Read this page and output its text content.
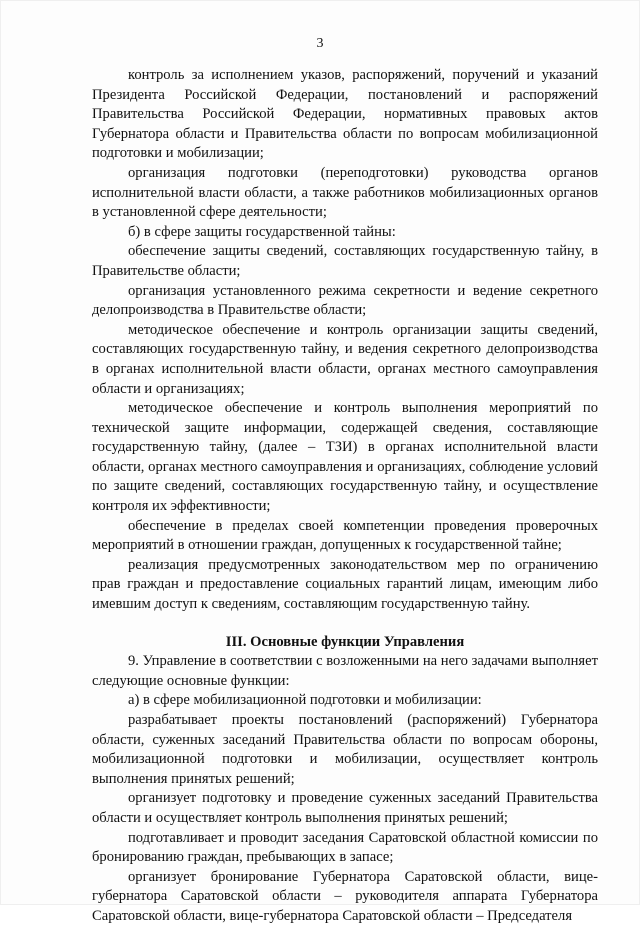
3

контроль за исполнением указов, распоряжений, поручений и указаний Президента Российской Федерации, постановлений и распоряжений Правительства Российской Федерации, нормативных правовых актов Губернатора области и Правительства области по вопросам мобилизационной подготовки и мобилизации;

организация подготовки (переподготовки) руководства органов исполнительной власти области, а также работников мобилизационных органов в установленной сфере деятельности;

б) в сфере защиты государственной тайны:

обеспечение защиты сведений, составляющих государственную тайну, в Правительстве области;

организация установленного режима секретности и ведение секретного делопроизводства в Правительстве области;

методическое обеспечение и контроль организации защиты сведений, составляющих государственную тайну, и ведения секретного делопроизводства в органах исполнительной власти области, органах местного самоуправления области и организациях;

методическое обеспечение и контроль выполнения мероприятий по технической защите информации, содержащей сведения, составляющие государственную тайну, (далее – ТЗИ) в органах исполнительной власти области, органах местного самоуправления и организациях, соблюдение условий по защите сведений, составляющих государственную тайну, и осуществление контроля их эффективности;

обеспечение в пределах своей компетенции проведения проверочных мероприятий в отношении граждан, допущенных к государственной тайне;

реализация предусмотренных законодательством мер по ограничению прав граждан и предоставление социальных гарантий лицам, имеющим либо имевшим доступ к сведениям, составляющим государственную тайну.

III. Основные функции Управления

9. Управление в соответствии с возложенными на него задачами выполняет следующие основные функции:

а) в сфере мобилизационной подготовки и мобилизации:

разрабатывает проекты постановлений (распоряжений) Губернатора области, суженных заседаний Правительства области по вопросам обороны, мобилизационной подготовки и мобилизации, осуществляет контроль выполнения принятых решений;

организует подготовку и проведение суженных заседаний Правительства области и осуществляет контроль выполнения принятых решений;

подготавливает и проводит заседания Саратовской областной комиссии по бронированию граждан, пребывающих в запасе;

организует бронирование Губернатора Саратовской области, вице-губернатора Саратовской области – руководителя аппарата Губернатора Саратовской области, вице-губернатора Саратовской области – Председателя
